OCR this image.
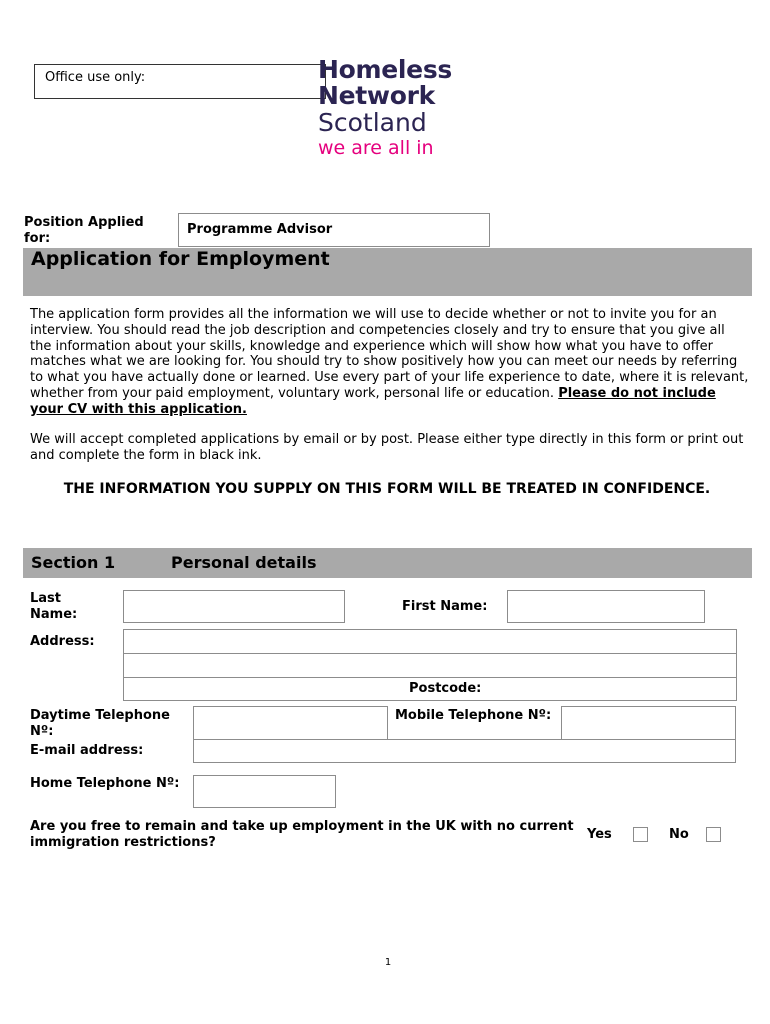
Office use only:	Homeless
Network
Scotland
we are all in
Position Applied for:
Programme Advisor
Application for Employment
The application form provides all the information we will use to decide whether or not to invite you for an interview. You should read the job description and competencies closely and try to ensure that you give all the information about your skills, knowledge and experience which will show how what you have to offer matches what we are looking for. You should try to show positively how you can meet our needs by referring to what you have actually done or learned. Use every part of your life experience to date, where it is relevant, whether from your paid employment, voluntary work, personal life or education. Please do not include your CV with this application.
We will accept completed applications by email or by post. Please either type directly in this form or print out and complete the form in black ink.
THE INFORMATION YOU SUPPLY ON THIS FORM WILL BE TREATED IN CONFIDENCE.
Section 1	Personal details
Last Name:
First Name:
Address:
Postcode:
Daytime Telephone Nº:
Mobile Telephone Nº:
E-mail address:
Home Telephone Nº:
Are you free to remain and take up employment in the UK with no current immigration restrictions?
Yes	No
1
